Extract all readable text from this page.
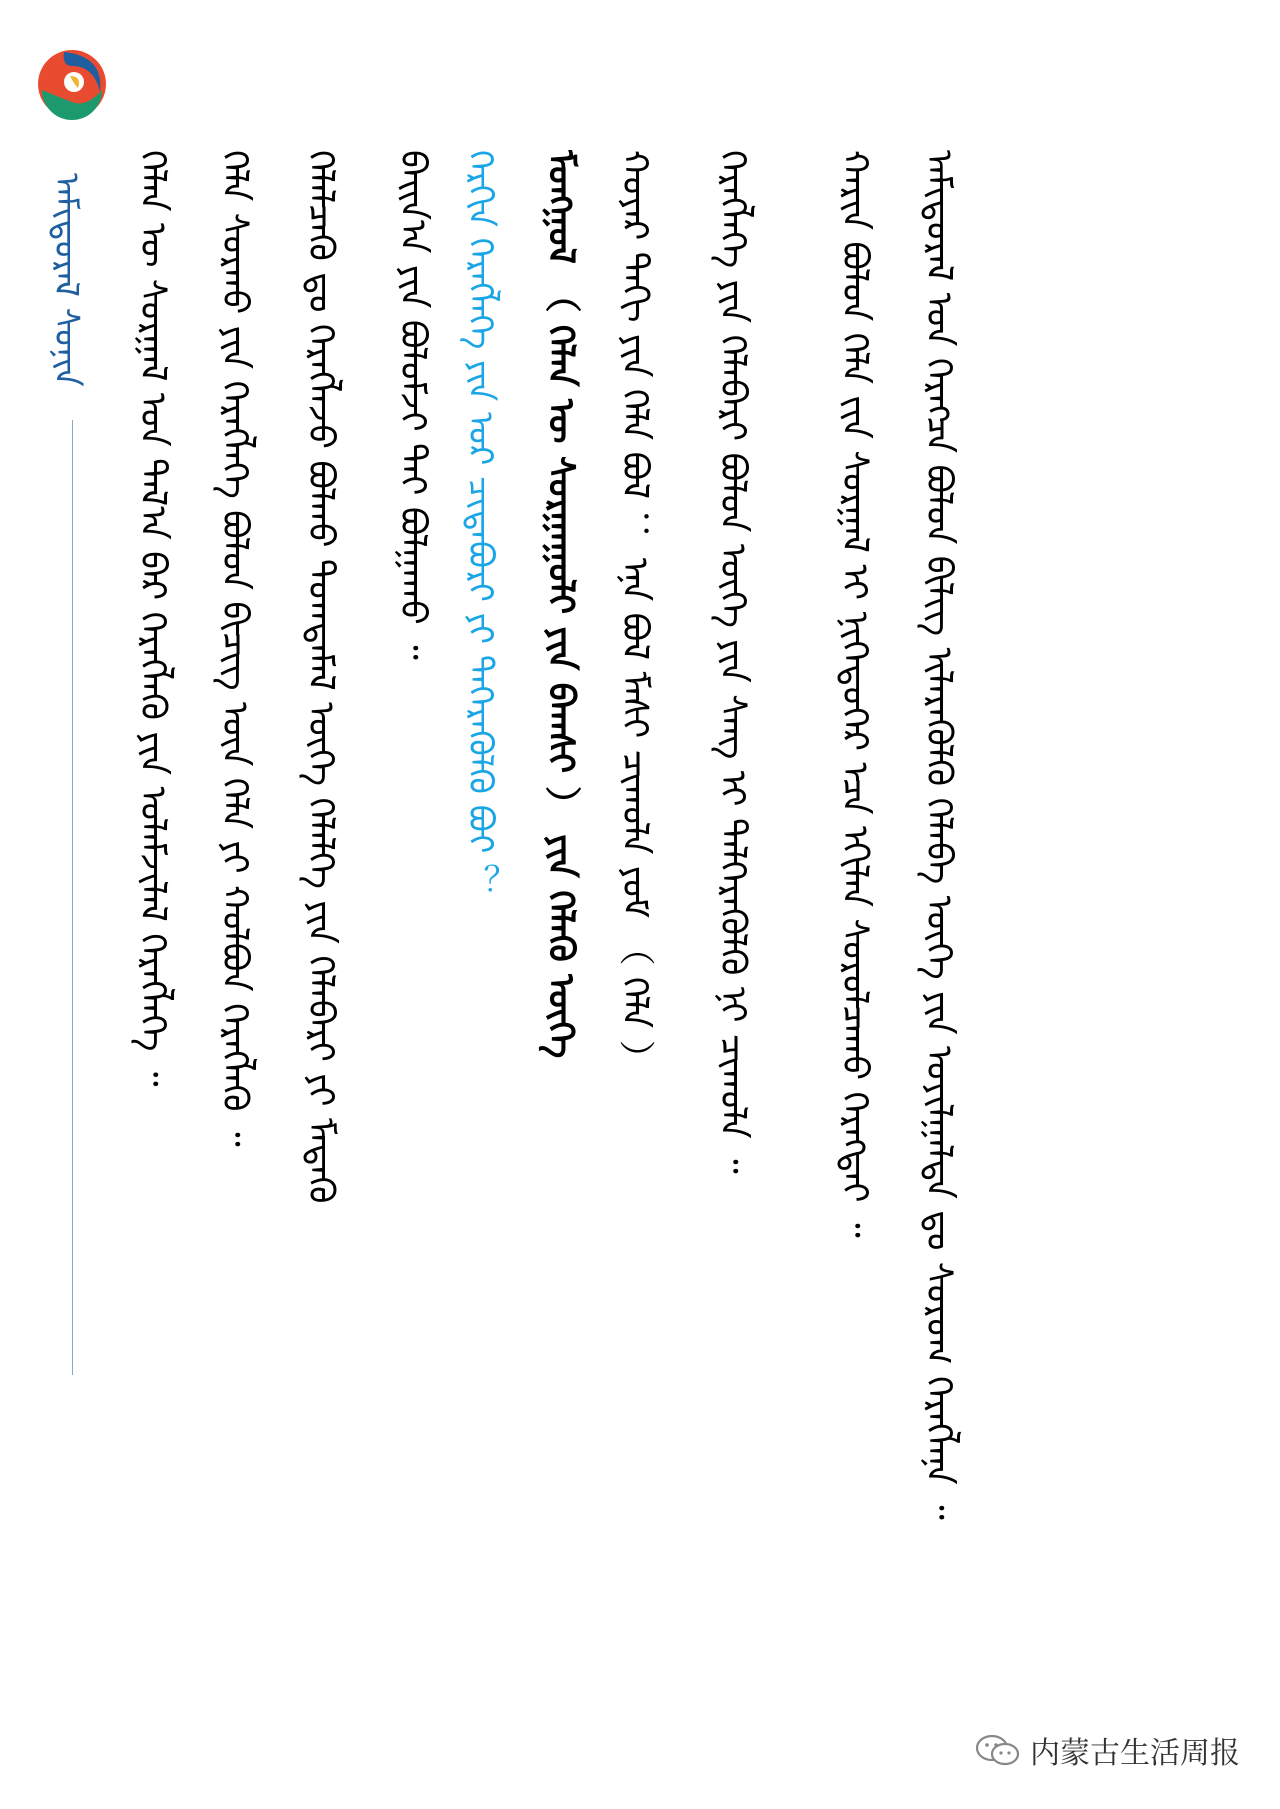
ᠠᠮᠢᠳᠤᠷᠠᠯ ᠰᠣᠨᠢᠨ	ᠠᠮᠢᠳᠤᠷᠠᠯ ᠤᠨ ᠬᠡᠷᠡᠭᠴᠡ ᠪᠣᠯᠤᠨ ᠪᠢᠯᠢᠭ ᠢᠯᠡᠷᠡᠭᠦᠯᠬᠦ ᠬᠡᠯᠡᠪᠡ ᠦᠭᠡ ᠶᠢᠨ ᠣᠶᠢᠯᠭᠠᠯᠲᠠ ᠳᠤ ᠰᠤᠷᠤᠭ ᠬᠡᠷᠡᠭᠯᠡᠨᠡ ᠃
ᠬᠠᠷᠢᠨ ᠪᠣᠯᠣᠨ ᠬᠡᠯᠡ ᠵᠢᠨ ᠰᠤᠷᠭᠠᠯ ᠢ ᠨᠢᠭᠡᠳᠦᠭᠡᠷ ᠡᠴᠡ ᠡᠬᠢᠯᠡᠨ ᠰᠤᠷᠤᠯᠴᠠᠬᠤ ᠬᠡᠷᠡᠭᠲᠡᠢ ᠃
ᠬᠡᠷᠡᠭᠯᠡᠭᠡ ᠶᠢᠨ ᠬᠡᠯᠡᠪᠡᠷᠢ ᠪᠣᠯᠤᠨ ᠦᠭᠡ ᠶᠢᠨ ᠰᠠᠩ ᠢ ᠳᠡᠯᠭᠡᠷᠡᠭᠦᠯᠬᠦ ᠨᠢ ᠴᠢᠬᠤᠯᠠ ᠃
ᠬᠣᠶᠠᠷ ᠳᠠᠬᠢ ᠶᠢᠨ ᠬᠡᠯᠡ ᠪᠣᠯ ： ᠡᠨᠡ ᠪᠣᠯ ᠮᠠᠰᠢ ᠴᠢᠬᠤᠯᠠ ᠶᠤᠮ （ ᠬᠡᠯᠡ ）
ᠮᠣᠩᠭᠣᠯ （ ᠬᠡᠯᠡᠨ ᠦ ᠰᠤᠷᠭᠠᠭᠤᠯᠢ ᠶᠢᠨ ᠪᠠᠭᠰᠢ ） ᠶᠢᠨ ᠬᠡᠯᠡᠬᠦ ᠦᠭᠡ
ᠬᠡᠷᠬᠢᠨ ᠬᠡᠷᠡᠭᠯᠡᠭᠡ ᠶᠢᠨ ᠤᠷ ᠴᠢᠳᠠᠪᠤᠷᠢ ᠶᠢ ᠳᠡᠭᠡᠷᠡᠭᠦᠯᠬᠦ ᠪᠤᠢ ？
ᠪᠠᠢᠨ᠎ᠠ ᠶᠢᠨ ᠪᠣᠯᠣᠮᠵᠢ ᠲᠠᠢ ᠪᠣᠯᠭᠠᠬᠤ ᠃
ᠬᠡᠯᠡᠯᠴᠡᠬᠦ ᠳᠤ ᠬᠡᠷᠡᠭᠯᠡᠵᠦ ᠪᠣᠯᠬᠤ ᠲᠣᠭᠲᠠᠮᠠᠯ ᠦᠭᠡ ᠬᠡᠯᠡᠯᠭᠡ ᠶᠢᠨ ᠬᠡᠯᠡᠪᠡᠷᠢ ᠶᠢ ᠮᠡᠳᠡᠬᠦ
ᠬᠡᠯᠡ ᠰᠤᠷᠬᠤ ᠶᠢᠨ ᠬᠡᠷᠡᠭᠯᠡᠭᠡ ᠪᠣᠯᠤᠨ ᠪᠢᠴᠢᠭ ᠦᠨ ᠬᠡᠯᠡ ᠶᠢ ᠬᠣᠯᠪᠣᠨ ᠬᠡᠷᠡᠭᠯᠡᠬᠦ ᠃
ᠬᠡᠯᠡᠨ ᠦ ᠰᠤᠷᠭᠠᠯ ᠤᠨ ᠲᠠᠯ᠎ᠠ ᠪᠠᠷ ᠬᠡᠷᠡᠭᠯᠡᠬᠦ ᠶᠢᠨ ᠤᠯᠠᠮᠵᠢᠯᠠᠯ ᠬᠡᠷᠡᠭᠯᠡᠭᠡ ᠃
内蒙古生活周报
